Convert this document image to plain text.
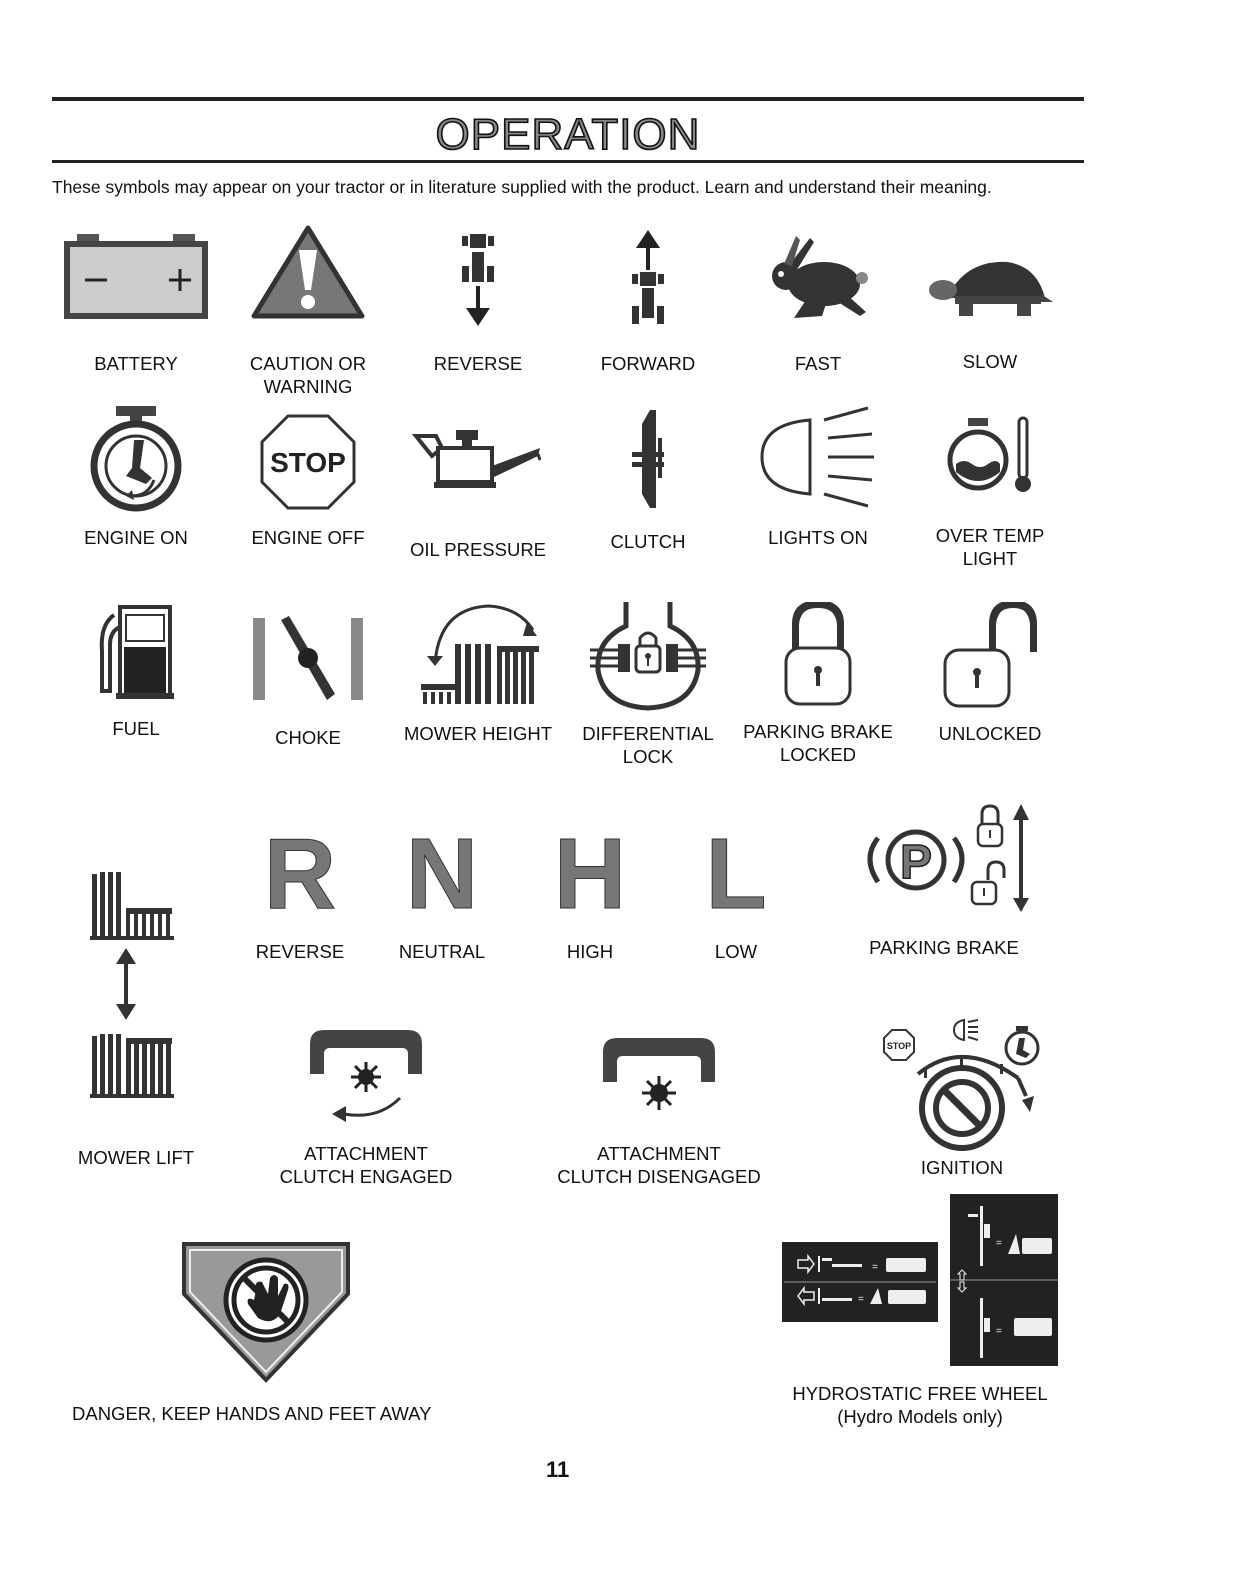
OPERATION
These symbols may appear on your tractor or in literature supplied with the product. Learn and understand their meaning.
BATTERY	CAUTION OR
WARNING
REVERSE	FORWARD	FAST	SLOW
ENGINE ON
STOP
ENGINE OFF
OIL PRESSURE	CLUTCH	LIGHTS ON	OVER TEMP
LIGHT
FUEL	CHOKE	MOWER HEIGHT	DIFFERENTIAL
LOCK
PARKING BRAKE
LOCKED
UNLOCKED
MOWER LIFT
R
REVERSE
N
NEUTRAL
H
HIGH
L
LOW
P
PARKING BRAKE
ATTACHMENT
CLUTCH ENGAGED
ATTACHMENT
CLUTCH DISENGAGED
STOP
IGNITION
DANGER, KEEP HANDS AND FEET AWAY
=
=
=
=
HYDROSTATIC FREE WHEEL
(Hydro Models only)
11
